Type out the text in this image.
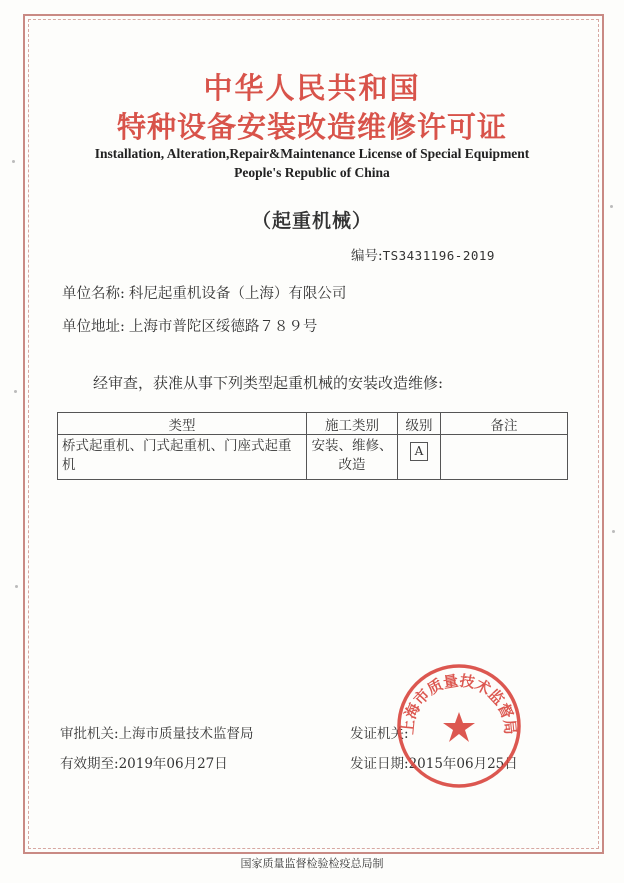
中华人民共和国
特种设备安装改造维修许可证
Installation, Alteration,Repair&Maintenance License of Special Equipment
People's Republic of China
（起重机械）
编号:TS3431196-2019
单位名称: 科尼起重机设备（上海）有限公司
单位地址: 上海市普陀区绥德路７８９号
经审查，获准从事下列类型起重机械的安装改造维修:
类型	施工类别	级别	备注
桥式起重机、门式起重机、门座式起重机	安装、维修、改造	A	
审批机关:上海市质量技术监督局	发证机关:
有效期至:2019年06月27日	发证日期:2015年06月25日
上海市质量技术监督局
国家质量监督检验检疫总局制
